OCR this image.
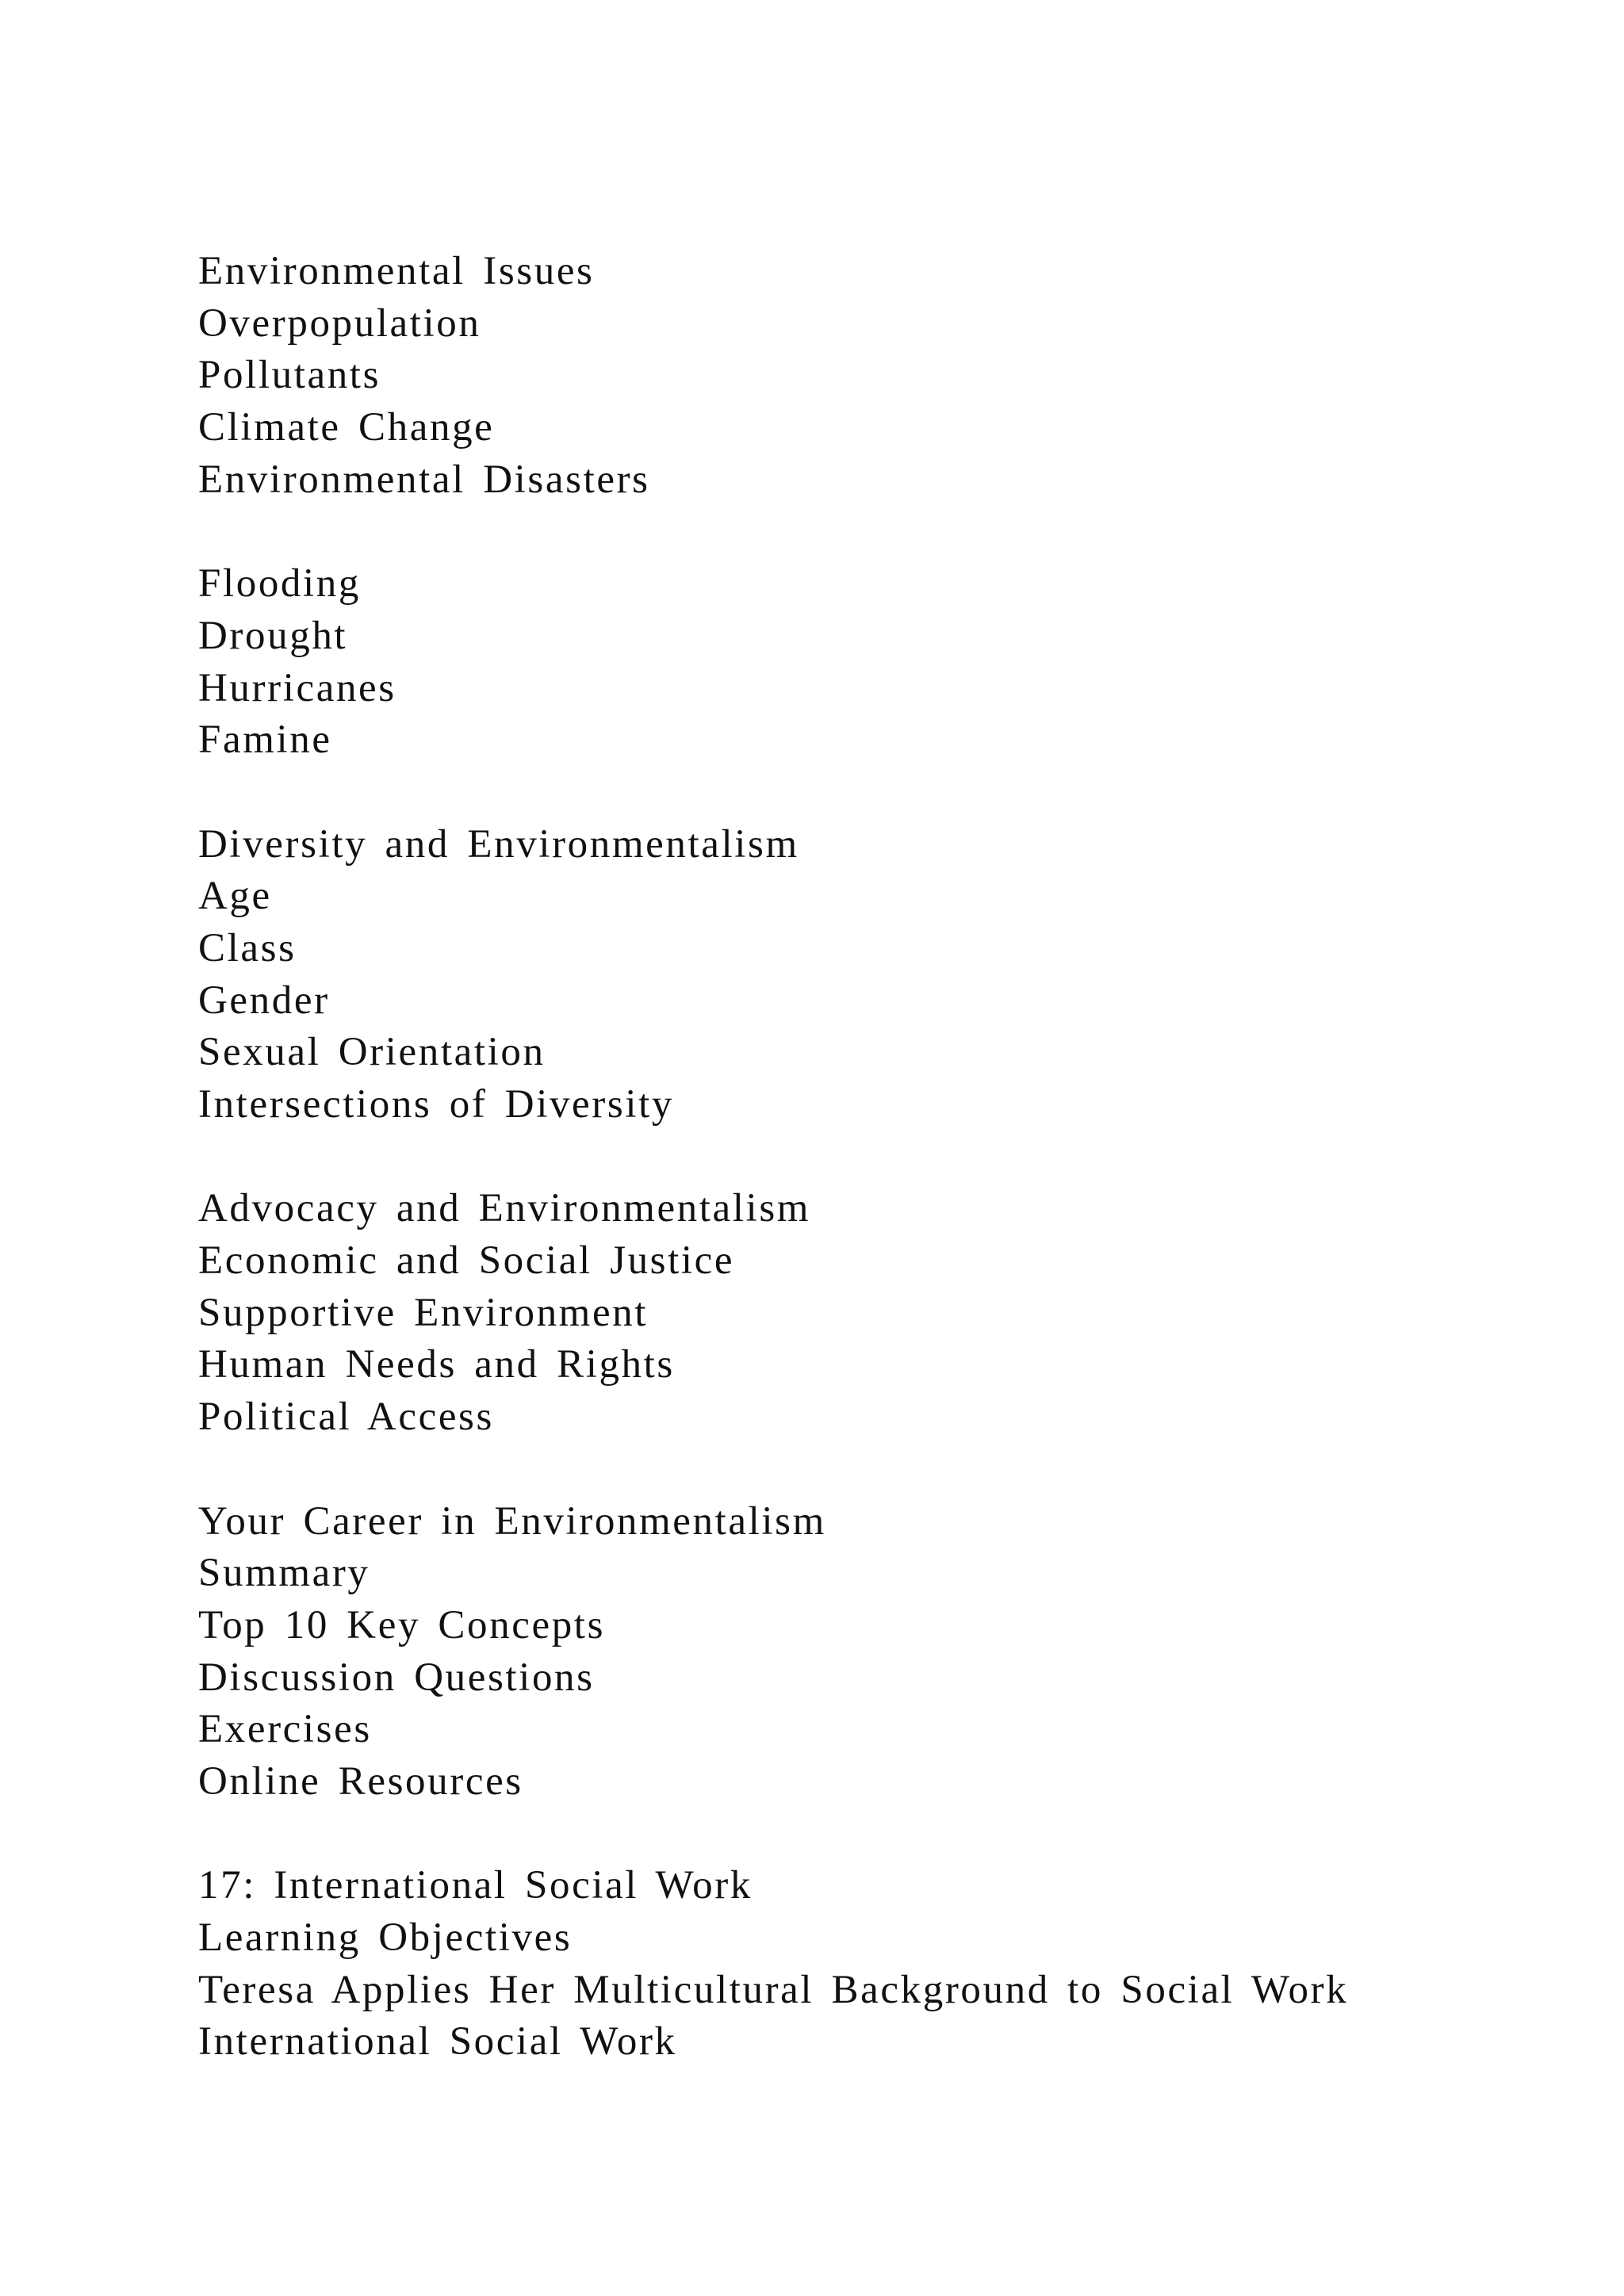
Environmental Issues
Overpopulation
Pollutants
Climate Change
Environmental Disasters
Flooding
Drought
Hurricanes
Famine
Diversity and Environmentalism
Age
Class
Gender
Sexual Orientation
Intersections of Diversity
Advocacy and Environmentalism
Economic and Social Justice
Supportive Environment
Human Needs and Rights
Political Access
Your Career in Environmentalism
Summary
Top 10 Key Concepts
Discussion Questions
Exercises
Online Resources
17: International Social Work
Learning Objectives
Teresa Applies Her Multicultural Background to Social Work
International Social Work
